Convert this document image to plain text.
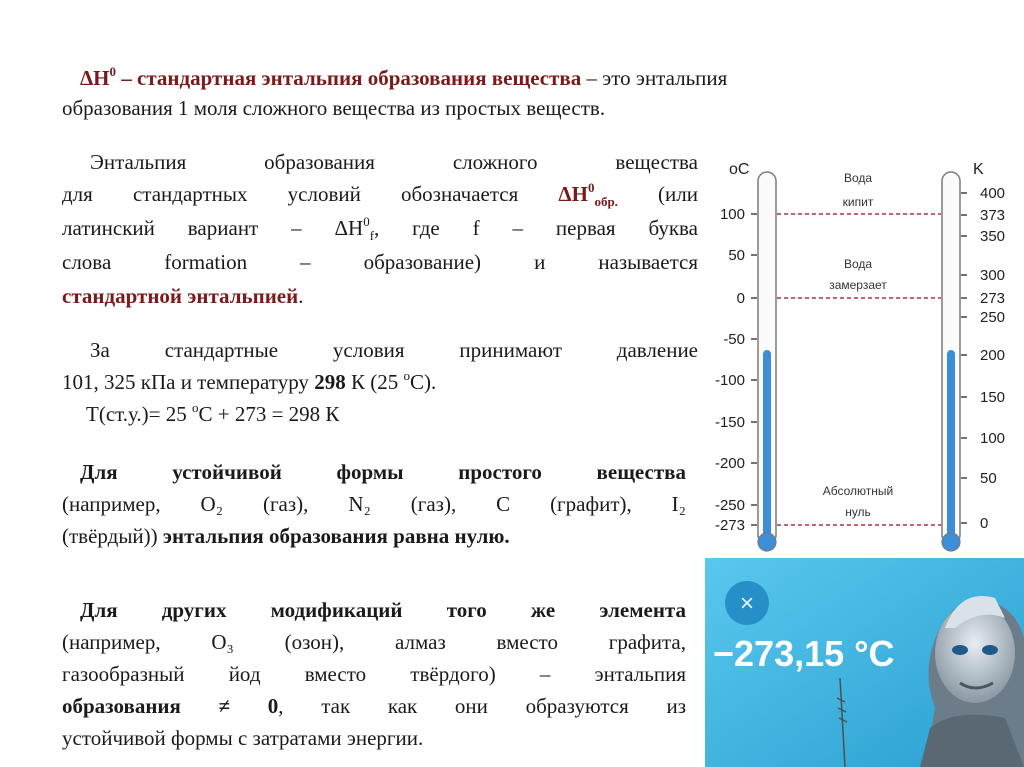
$\Delta H^0$ – стандартная энтальпия образования вещества – это энтальпия
образования 1 моля сложного вещества из простых веществ.
Энтальпия образования сложного вещества
для стандартных условий обозначается $\Delta H^0_{обр.}$ (или
латинский вариант – $\Delta H^0_f$, где f – первая буква
слова formation – образование) и называется
стандартной энтальпией.
За стандартные условия принимают давление
101, 325 кПа и температуру 298 К (25 $^о$С).
Т(ст.у.)= 25 $^о$С + 273 = 298 К
Для устойчивой формы простого вещества
(например, O₂ (газ), N₂ (газ), C (графит), I₂
(твёрдый)) энтальпия образования равна нулю.
Для других модификаций того же элемента
(например, O₃ (озон), алмаз вместо графита,
газообразный йод вместо твёрдого) – энтальпия
образования ≠ 0, так как они образуются из
устойчивой формы с затратами энергии.
oC	K
100
50
0
-50
-100
-150
-200
-250
-273
400
373
350
300
273
250
200
150
100
50
0
Вода
кипит
Вода
замерзает
Абсолютный
нуль
×
−273,15 °C
